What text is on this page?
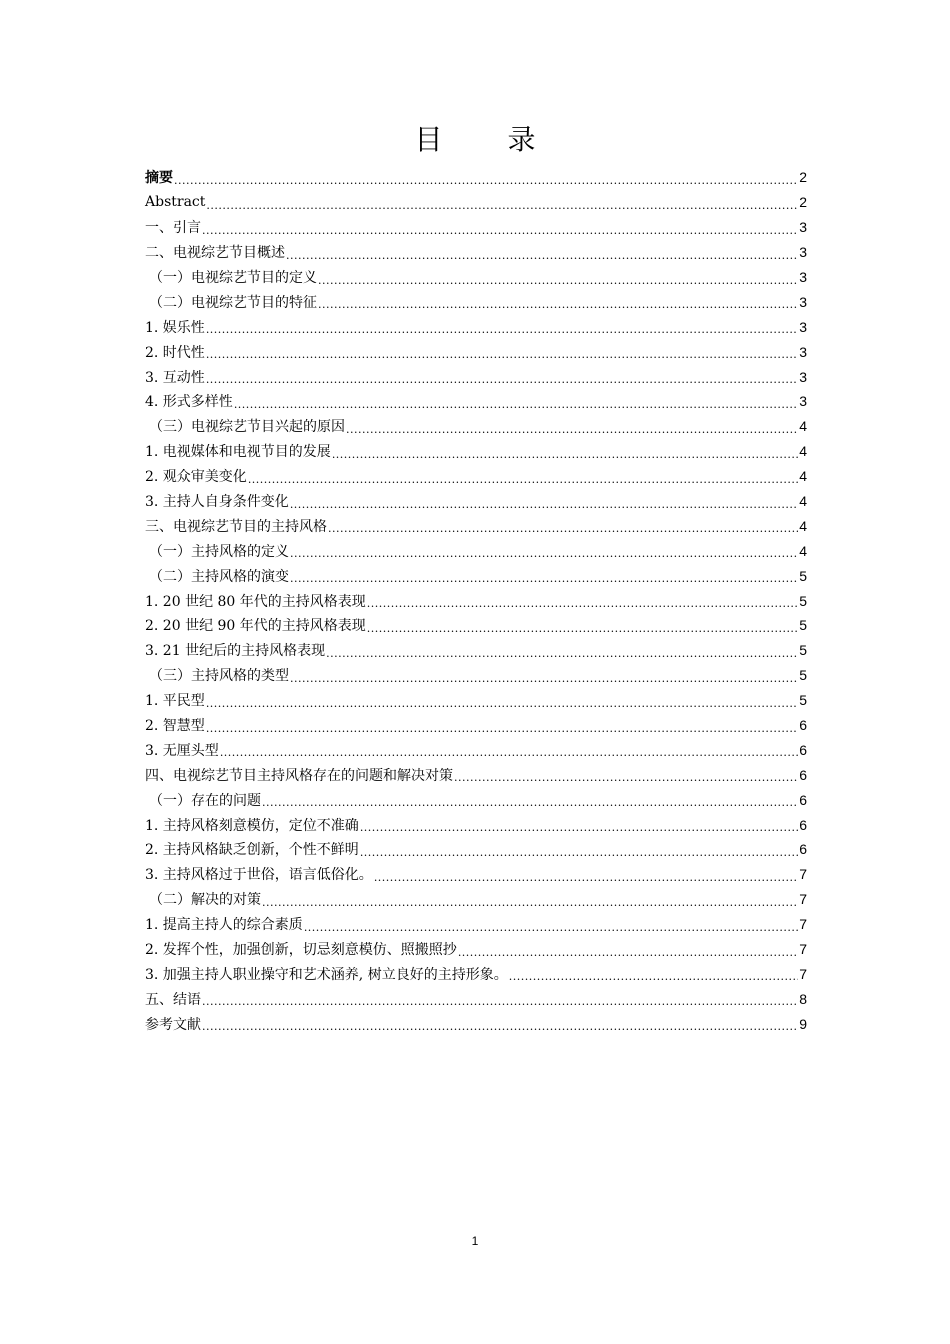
目 录
摘要 .....	2
Abstract .....	2
一、引言 .....	3
二、电视综艺节目概述 .....	3
（一）电视综艺节目的定义 .....	3
（二）电视综艺节目的特征 .....	3
1. 娱乐性 .....	3
2. 时代性 .....	3
3. 互动性 .....	3
4. 形式多样性 .....	3
（三）电视综艺节目兴起的原因 .....	4
1. 电视媒体和电视节目的发展 .....	4
2. 观众审美变化 .....	4
3. 主持人自身条件变化 .....	4
三、电视综艺节目的主持风格 .....	4
（一）主持风格的定义 .....	4
（二）主持风格的演变 .....	5
1. 20 世纪 80 年代的主持风格表现 .....	5
2. 20 世纪 90 年代的主持风格表现 .....	5
3. 21 世纪后的主持风格表现 .....	5
（三）主持风格的类型 .....	5
1. 平民型 .....	5
2. 智慧型 .....	6
3. 无厘头型 .....	6
四、电视综艺节目主持风格存在的问题和解决对策 .....	6
（一）存在的问题 .....	6
1. 主持风格刻意模仿，定位不准确 .....	6
2. 主持风格缺乏创新，个性不鲜明 .....	6
3. 主持风格过于世俗，语言低俗化。 .....	7
（二）解决的对策 .....	7
1. 提高主持人的综合素质 .....	7
2. 发挥个性，加强创新，切忌刻意模仿、照搬照抄 .....	7
3. 加强主持人职业操守和艺术涵养, 树立良好的主持形象。 .....	7
五、结语 .....	8
参考文献 .....	9
1
